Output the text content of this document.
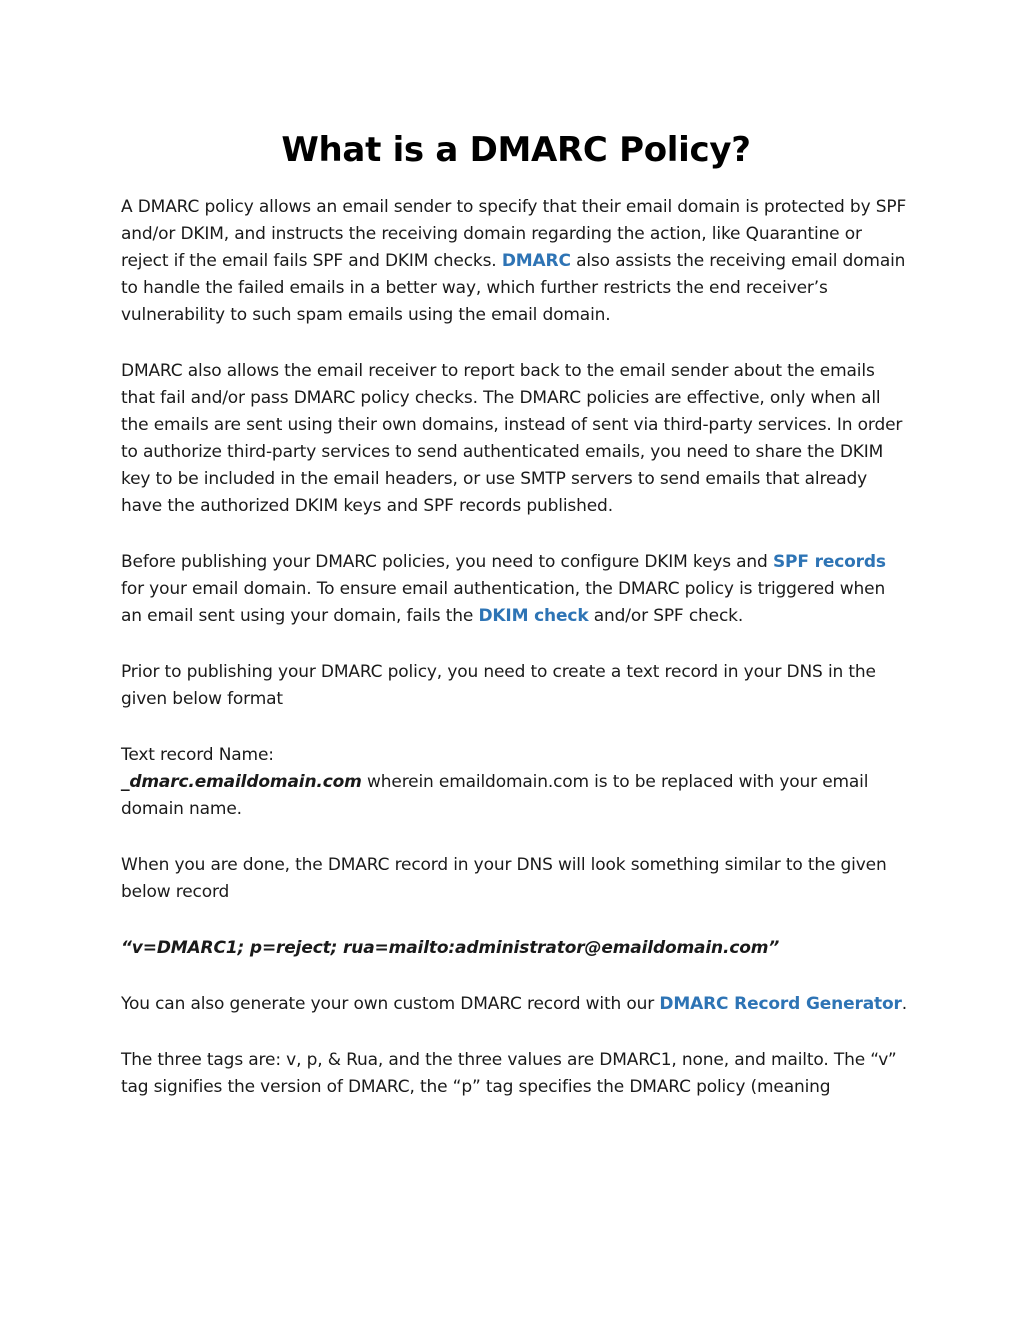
What is a DMARC Policy?

A DMARC policy allows an email sender to specify that their email domain is protected by SPF and/or DKIM, and instructs the receiving domain regarding the action, like Quarantine or reject if the email fails SPF and DKIM checks. DMARC also assists the receiving email domain to handle the failed emails in a better way, which further restricts the end receiver’s vulnerability to such spam emails using the email domain.

DMARC also allows the email receiver to report back to the email sender about the emails that fail and/or pass DMARC policy checks. The DMARC policies are effective, only when all the emails are sent using their own domains, instead of sent via third-party services. In order to authorize third-party services to send authenticated emails, you need to share the DKIM key to be included in the email headers, or use SMTP servers to send emails that already have the authorized DKIM keys and SPF records published.

Before publishing your DMARC policies, you need to configure DKIM keys and SPF records for your email domain. To ensure email authentication, the DMARC policy is triggered when an email sent using your domain, fails the DKIM check and/or SPF check.

Prior to publishing your DMARC policy, you need to create a text record in your DNS in the given below format

Text record Name:
_dmarc.emaildomain.com wherein emaildomain.com is to be replaced with your email domain name.

When you are done, the DMARC record in your DNS will look something similar to the given below record

“v=DMARC1; p=reject; rua=mailto:administrator@emaildomain.com”

You can also generate your own custom DMARC record with our DMARC Record Generator.

The three tags are: v, p, & Rua, and the three values are DMARC1, none, and mailto. The “v” tag signifies the version of DMARC, the “p” tag specifies the DMARC policy (meaning
